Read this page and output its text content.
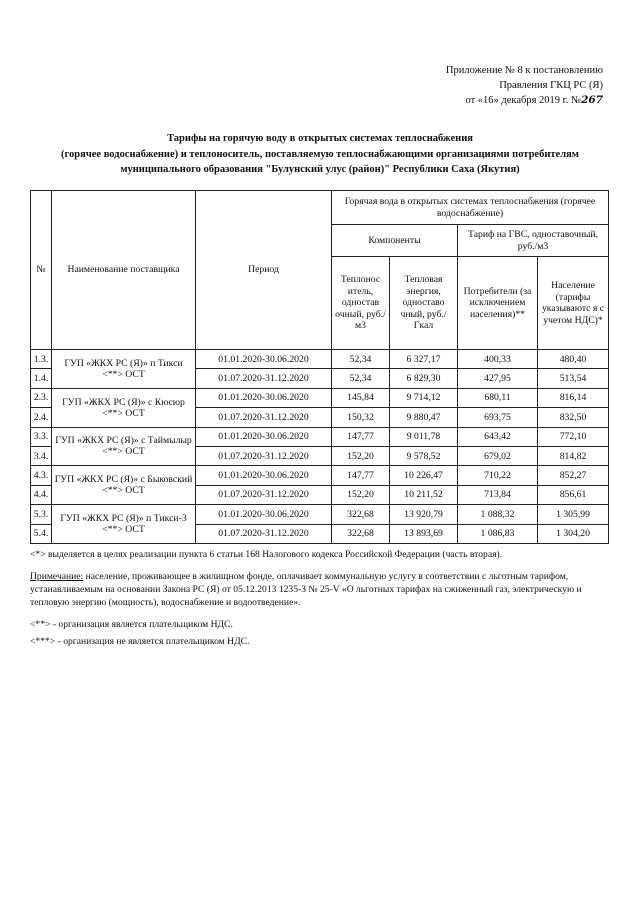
Приложение № 8 к постановлению
Правления ГКЦ РС (Я)
от «16» декабря 2019 г. №267
Тарифы на горячую воду в открытых системах теплоснабжения
(горячее водоснабжение) и теплоноситель, поставляемую теплоснабжающими организациями потребителям
муниципального образования "Булунский улус (район)" Республики Саха (Якутия)
№	Наименование поставщика	Период	Горячая вода в открытых системах теплоснабжения (горячее водоснабжение)			
			Компоненты		Тариф на ГВС, одноставочный, руб./м3	
			Теплонос итель, одностав очный, руб./м3	Тепловая энергия, одноставо чный, руб./Гкал	Потребители (за исключением населения)**	Население (тарифы указываютс я с учетом НДС)*
1.3.	ГУП «ЖКХ РС (Я)» п Тикси <**> ОСТ	01.01.2020-30.06.2020	52,34	6 327,17	400,33	480,40
1.4.		01.07.2020-31.12.2020	52,34	6 829,30	427,95	513,54
2.3.	ГУП «ЖКХ РС (Я)» с Кюсюр <**> ОСТ	01.01.2020-30.06.2020	145,84	9 714,12	680,11	816,14
2.4.		01.07.2020-31.12.2020	150,32	9 880,47	693,75	832,50
3.3.	ГУП «ЖКХ РС (Я)» с Таймылыр <**> ОСТ	01.01.2020-30.06.2020	147,77	9 011,78	643,42	772,10
3.4.		01.07.2020-31.12.2020	152,20	9 578,52	679,02	814,82
4.3.	ГУП «ЖКХ РС (Я)» с Быковский <**> ОСТ	01.01.2020-30.06.2020	147,77	10 226,47	710,22	852,27
4.4.		01.07.2020-31.12.2020	152,20	10 211,52	713,84	856,61
5.3.	ГУП «ЖКХ РС (Я)» п Тикси-3 <**> ОСТ	01.01.2020-30.06.2020	322,68	13 920,79	1 088,32	1 305,99
5.4.		01.07.2020-31.12.2020	322,68	13 893,69	1 086,83	1 304,20

<*> выделяется в целях реализации пункта 6 статьи 168 Налогового кодекса Российской Федерации (часть вторая).

Примечание: население, проживающее в жилищном фонде, оплачивает коммунальную услугу в соответствии с льготным тарифом, устанавливаемым на основании Закона РС (Я) от 05.12.2013 1235-З № 25-V «О льготных тарифах на сжиженный газ, электрическую и тепловую энергию (мощность), водоснабжение и водоотведение».

<**> - организация является плательщиком НДС.

<***> - организация не является плательщиком НДС.
